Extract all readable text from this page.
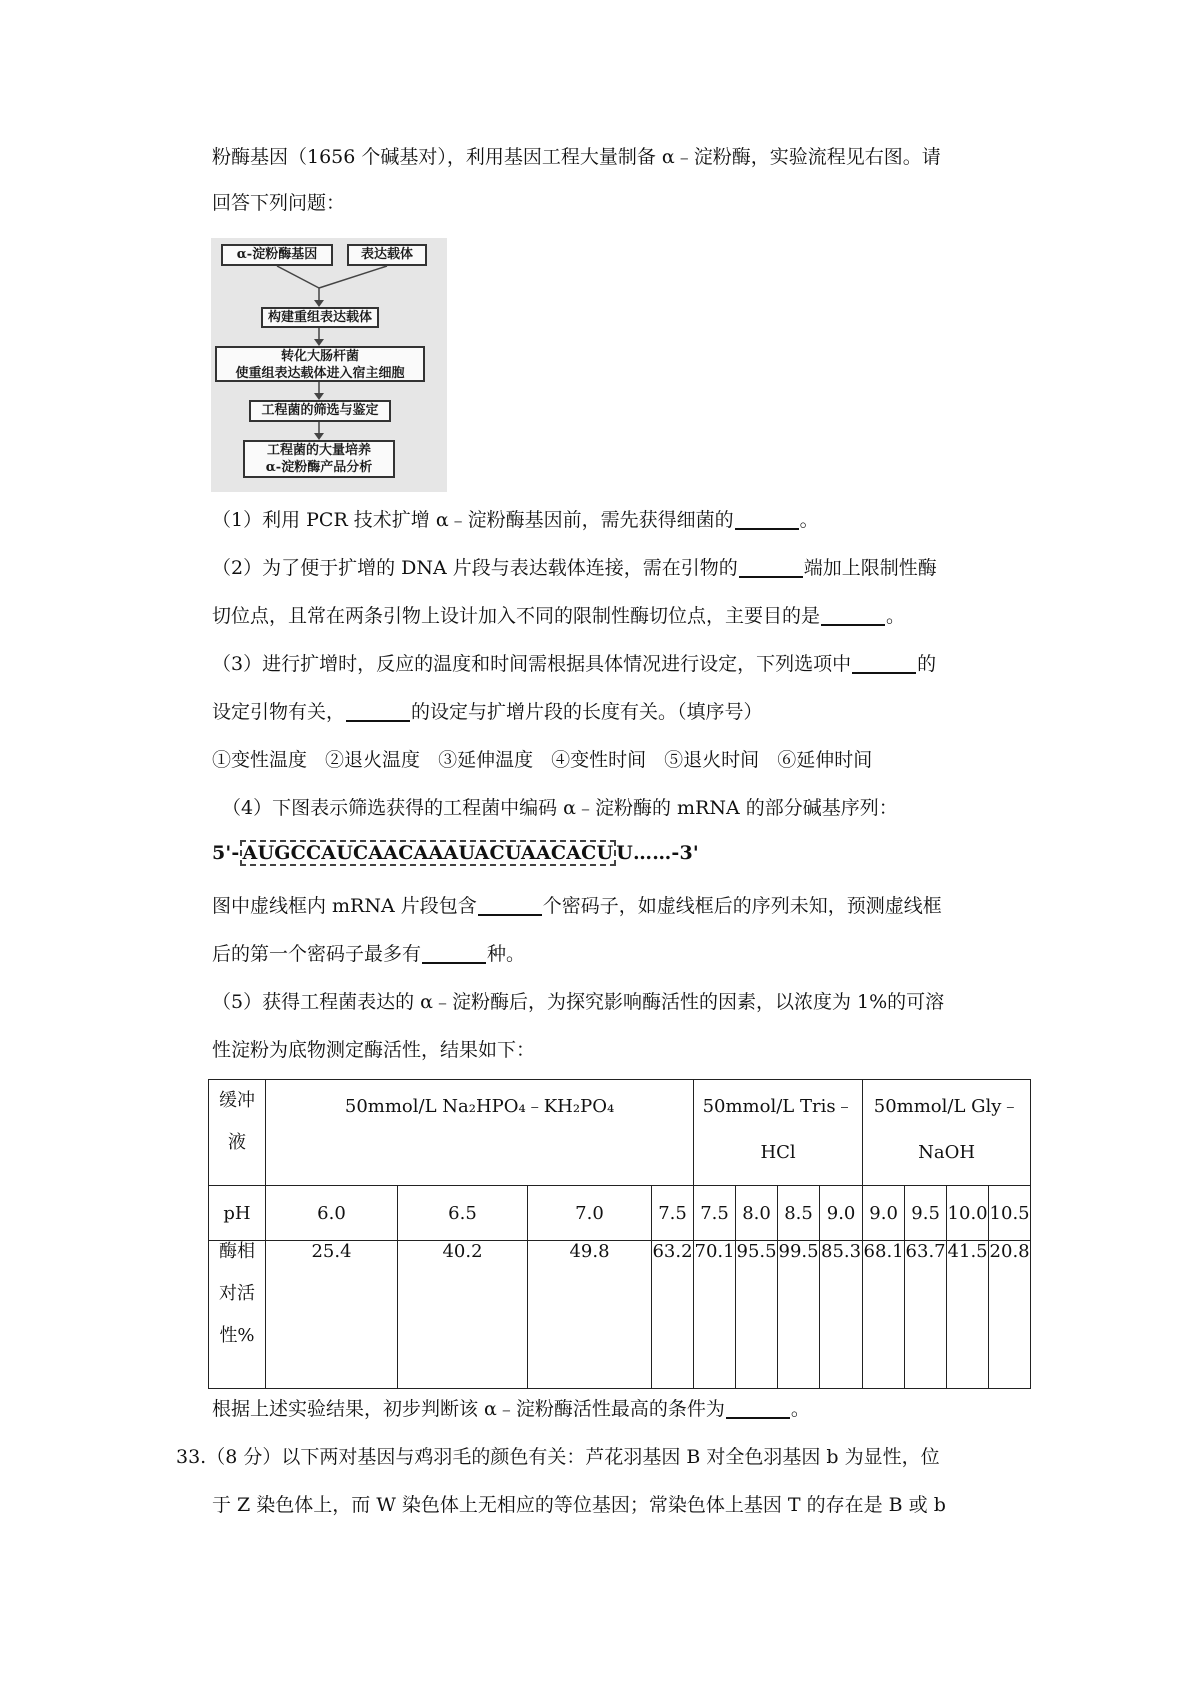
粉酶基因（1656 个碱基对），利用基因工程大量制备 α﹣淀粉酶，实验流程见右图。请
回答下列问题：
α-淀粉酶基因	表达载体
构建重组表达载体
转化大肠杆菌
使重组表达载体进入宿主细胞
工程菌的筛选与鉴定
工程菌的大量培养
α-淀粉酶产品分析
（1）利用 PCR 技术扩增 α﹣淀粉酶基因前，需先获得细菌的	。
（2）为了便于扩增的 DNA 片段与表达载体连接，需在引物的	端加上限制性酶
切位点，且常在两条引物上设计加入不同的限制性酶切位点，主要目的是	。
（3）进行扩增时，反应的温度和时间需根据具体情况进行设定，下列选项中	的
设定引物有关，	的设定与扩增片段的长度有关。（填序号）
①变性温度 ②退火温度 ③延伸温度 ④变性时间 ⑤退火时间 ⑥延伸时间
（4）下图表示筛选获得的工程菌中编码 α﹣淀粉酶的 mRNA 的部分碱基序列：
5'- AUGCCAUCAACAAAUACUAACACU U……-3'
图中虚线框内 mRNA 片段包含	个密码子，如虚线框后的序列未知，预测虚线框
后的第一个密码子最多有	种。
（5）获得工程菌表达的 α﹣淀粉酶后，为探究影响酶活性的因素，以浓度为 1%的可溶
性淀粉为底物测定酶活性，结果如下：
缓冲
液	50mmol/L Na₂HPO₄﹣KH₂PO₄				50mmol/L Tris﹣
HCl				50mmol/L Gly﹣
NaOH			
pH	6.0	6.5	7.0	7.5	7.5	8.0	8.5	9.0	9.0	9.5	10.0	10.5
酶相
对活
性%	25.4	40.2	49.8	63.2	70.1	95.5	99.5	85.3	68.1	63.7	41.5	20.8
根据上述实验结果，初步判断该 α﹣淀粉酶活性最高的条件为	。
33.（8 分）以下两对基因与鸡羽毛的颜色有关：芦花羽基因 B 对全色羽基因 b 为显性，位
于 Z 染色体上，而 W 染色体上无相应的等位基因；常染色体上基因 T 的存在是 B 或 b
